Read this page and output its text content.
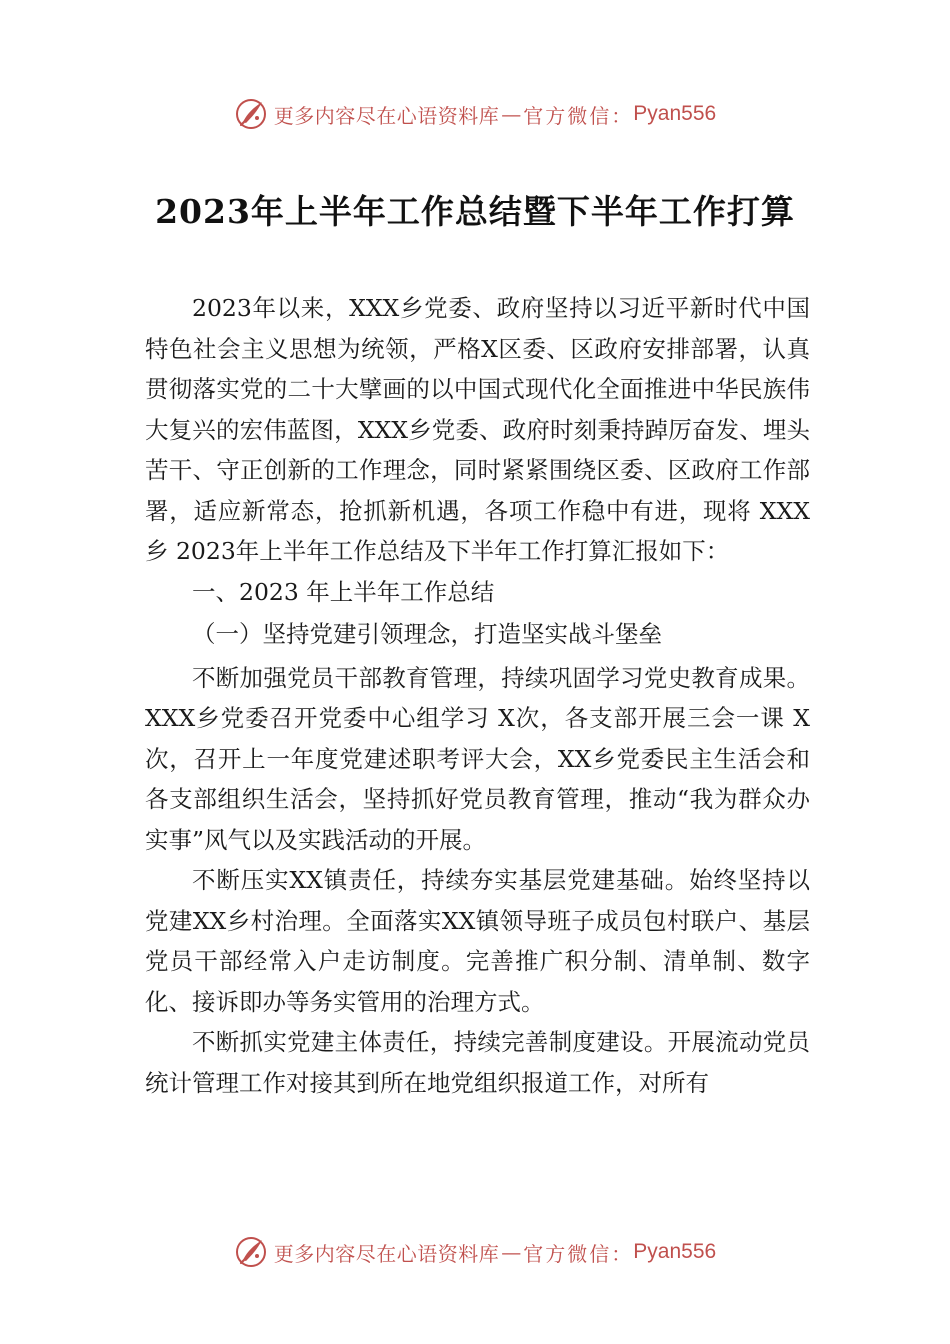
更多内容尽在心语资料库 — 官方微信： Pyan556
2023年上半年工作总结暨下半年工作打算

2023年以来，XXX乡党委、政府坚持以习近平新时代中国特色社会主义思想为统领，严格X区委、区政府安排部署，认真贯彻落实党的二十大擘画的以中国式现代化全面推进中华民族伟大复兴的宏伟蓝图，XXX乡党委、政府时刻秉持踔厉奋发、埋头苦干、守正创新的工作理念，同时紧紧围绕区委、区政府工作部署，适应新常态，抢抓新机遇，各项工作稳中有进，现将 XXX乡 2023年上半年工作总结及下半年工作打算汇报如下：

一、2023 年上半年工作总结

（一）坚持党建引领理念，打造坚实战斗堡垒

不断加强党员干部教育管理，持续巩固学习党史教育成果。XXX乡党委召开党委中心组学习 X次，各支部开展三会一课 X次，召开上一年度党建述职考评大会，XX乡党委民主生活会和各支部组织生活会，坚持抓好党员教育管理，推动“我为群众办实事”风气以及实践活动的开展。

不断压实XX镇责任，持续夯实基层党建基础。始终坚持以党建XX乡村治理。全面落实XX镇领导班子成员包村联户、基层党员干部经常入户走访制度。完善推广积分制、清单制、数字化、接诉即办等务实管用的治理方式。

不断抓实党建主体责任，持续完善制度建设。开展流动党员统计管理工作对接其到所在地党组织报道工作，对所有

更多内容尽在心语资料库 — 官方微信： Pyan556
